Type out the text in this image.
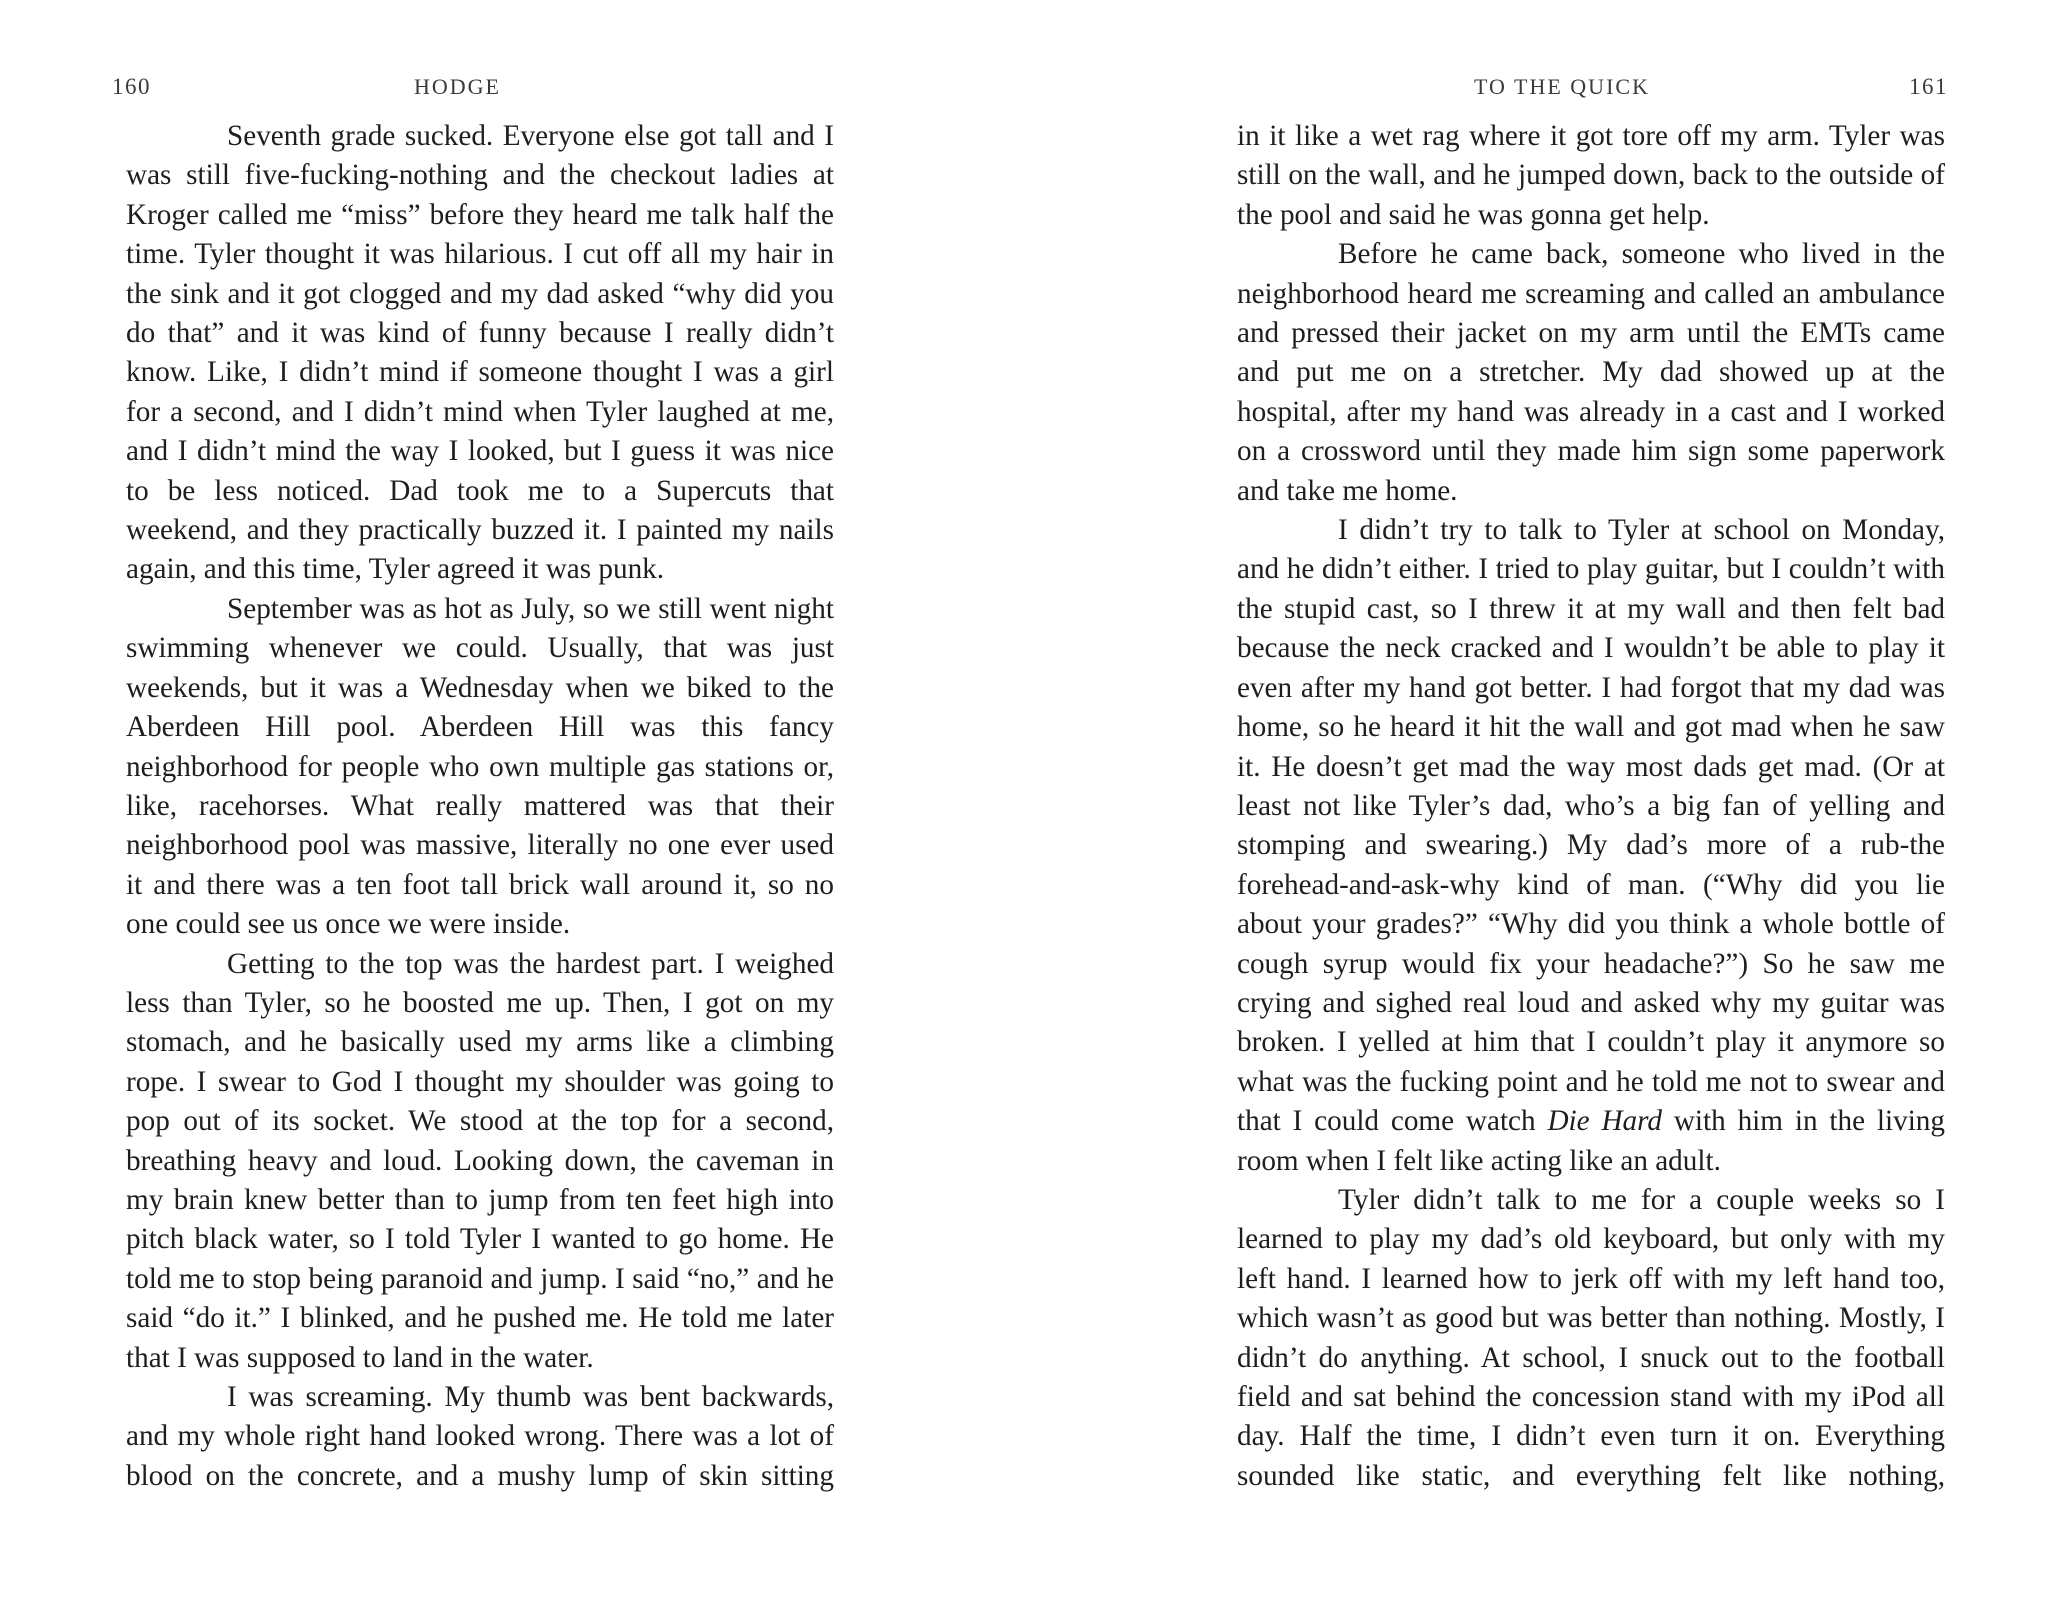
160	HODGE

Seventh grade sucked. Everyone else got tall and I was still five-fucking-nothing and the checkout ladies at Kroger called me “miss” before they heard me talk half the time. Tyler thought it was hilarious. I cut off all my hair in the sink and it got clogged and my dad asked “why did you do that” and it was kind of funny because I really didn’t know. Like, I didn’t mind if someone thought I was a girl for a second, and I didn’t mind when Tyler laughed at me, and I didn’t mind the way I looked, but I guess it was nice to be less noticed. Dad took me to a Supercuts that weekend, and they practically buzzed it. I painted my nails again, and this time, Tyler agreed it was punk.

September was as hot as July, so we still went night swimming whenever we could. Usually, that was just weekends, but it was a Wednesday when we biked to the Aberdeen Hill pool. Aberdeen Hill was this fancy neighborhood for people who own multiple gas stations or, like, racehorses. What really mattered was that their neighborhood pool was massive, literally no one ever used it and there was a ten foot tall brick wall around it, so no one could see us once we were inside.

Getting to the top was the hardest part. I weighed less than Tyler, so he boosted me up. Then, I got on my stomach, and he basically used my arms like a climbing rope. I swear to God I thought my shoulder was going to pop out of its socket. We stood at the top for a second, breathing heavy and loud. Looking down, the caveman in my brain knew better than to jump from ten feet high into pitch black water, so I told Tyler I wanted to go home. He told me to stop being paranoid and jump. I said “no,” and he said “do it.” I blinked, and he pushed me. He told me later that I was supposed to land in the water.

I was screaming. My thumb was bent backwards, and my whole right hand looked wrong. There was a lot of blood on the concrete, and a mushy lump of skin sitting

TO THE QUICK	161

in it like a wet rag where it got tore off my arm. Tyler was still on the wall, and he jumped down, back to the outside of the pool and said he was gonna get help.

Before he came back, someone who lived in the neighborhood heard me screaming and called an ambulance and pressed their jacket on my arm until the EMTs came and put me on a stretcher. My dad showed up at the hospital, after my hand was already in a cast and I worked on a crossword until they made him sign some paperwork and take me home.

I didn’t try to talk to Tyler at school on Monday, and he didn’t either. I tried to play guitar, but I couldn’t with the stupid cast, so I threw it at my wall and then felt bad because the neck cracked and I wouldn’t be able to play it even after my hand got better. I had forgot that my dad was home, so he heard it hit the wall and got mad when he saw it. He doesn’t get mad the way most dads get mad. (Or at least not like Tyler’s dad, who’s a big fan of yelling and stomping and swearing.) My dad’s more of a rub-the forehead-and-ask-why kind of man. (“Why did you lie about your grades?” “Why did you think a whole bottle of cough syrup would fix your headache?”) So he saw me crying and sighed real loud and asked why my guitar was broken. I yelled at him that I couldn’t play it anymore so what was the fucking point and he told me not to swear and that I could come watch Die Hard with him in the living room when I felt like acting like an adult.

Tyler didn’t talk to me for a couple weeks so I learned to play my dad’s old keyboard, but only with my left hand. I learned how to jerk off with my left hand too, which wasn’t as good but was better than nothing. Mostly, I didn’t do anything. At school, I snuck out to the football field and sat behind the concession stand with my iPod all day. Half the time, I didn’t even turn it on. Everything sounded like static, and everything felt like nothing,
